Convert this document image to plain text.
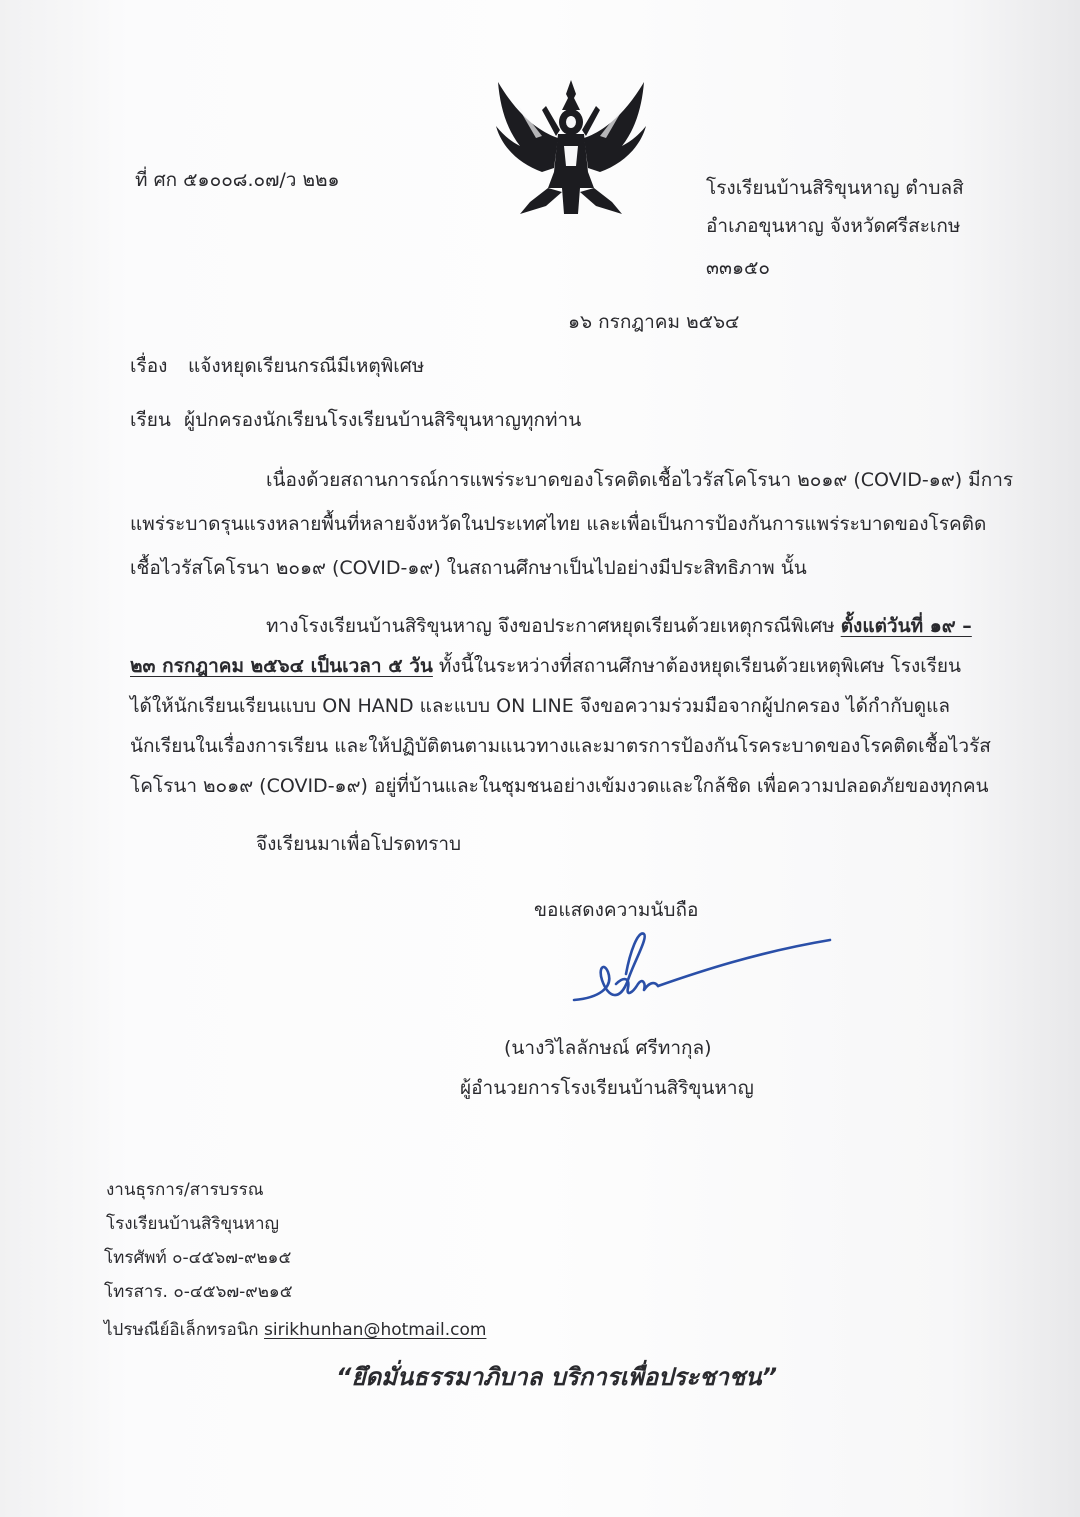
ที่ ศก ๕๑๐๐๘.๐๗/ว ๒๒๑	โรงเรียนบ้านสิริขุนหาญ ตำบลสิ
อำเภอขุนหาญ จังหวัดศรีสะเกษ
๓๓๑๕๐
๑๖ กรกฎาคม ๒๕๖๔
เรื่อง แจ้งหยุดเรียนกรณีมีเหตุพิเศษ
เรียน ผู้ปกครองนักเรียนโรงเรียนบ้านสิริขุนหาญทุกท่าน
เนื่องด้วยสถานการณ์การแพร่ระบาดของโรคติดเชื้อไวรัสโคโรนา ๒๐๑๙ (COVID-๑๙) มีการ
แพร่ระบาดรุนแรงหลายพื้นที่หลายจังหวัดในประเทศไทย และเพื่อเป็นการป้องกันการแพร่ระบาดของโรคติด
เชื้อไวรัสโคโรนา ๒๐๑๙ (COVID-๑๙) ในสถานศึกษาเป็นไปอย่างมีประสิทธิภาพ นั้น
ทางโรงเรียนบ้านสิริขุนหาญ จึงขอประกาศหยุดเรียนด้วยเหตุกรณีพิเศษ ตั้งแต่วันที่ ๑๙ –
๒๓ กรกฎาคม ๒๕๖๔ เป็นเวลา ๕ วัน ทั้งนี้ในระหว่างที่สถานศึกษาต้องหยุดเรียนด้วยเหตุพิเศษ โรงเรียน
ได้ให้นักเรียนเรียนแบบ ON HAND และแบบ ON LINE จึงขอความร่วมมือจากผู้ปกครอง ได้กำกับดูแล
นักเรียนในเรื่องการเรียน และให้ปฏิบัติตนตามแนวทางและมาตรการป้องกันโรคระบาดของโรคติดเชื้อไวรัส
โคโรนา ๒๐๑๙ (COVID-๑๙) อยู่ที่บ้านและในชุมชนอย่างเข้มงวดและใกล้ชิด เพื่อความปลอดภัยของทุกคน
จึงเรียนมาเพื่อโปรดทราบ
ขอแสดงความนับถือ
(นางวิไลลักษณ์ ศรีทากุล)
ผู้อำนวยการโรงเรียนบ้านสิริขุนหาญ
งานธุรการ/สารบรรณ
โรงเรียนบ้านสิริขุนหาญ
โทรศัพท์ ๐-๔๕๖๗-๙๒๑๕
โทรสาร. ๐-๔๕๖๗-๙๒๑๕
ไปรษณีย์อิเล็กทรอนิก sirikhunhan@hotmail.com
“ยึดมั่นธรรมาภิบาล บริการเพื่อประชาชน”
